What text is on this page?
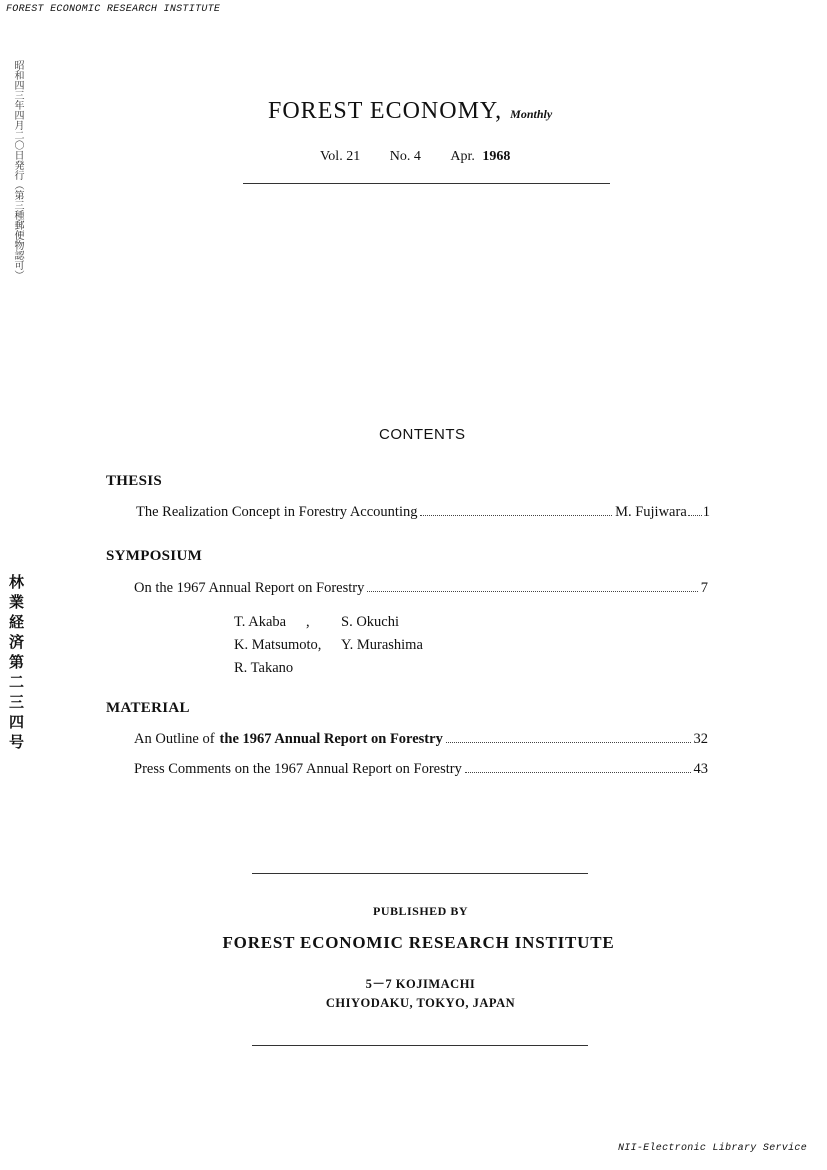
FOREST ECONOMIC RESEARCH INSTITUTE
NII-Electronic Library Service
昭和四三年四月二〇日発行（第三種郵便物認可）
林業経済第二三四号
FOREST ECONOMY, Monthly
Vol. 21 No. 4 Apr. 1968
CONTENTS
THESIS
The Realization Concept in Forestry Accounting	M. Fujiwara 1
SYMPOSIUM
On the 1967 Annual Report on Forestry	7
T. Akaba , S. Okuchi
K. Matsumoto, Y. Murashima
R. Takano
MATERIAL
An Outline of the 1967 Annual Report on Forestry	32
Press Comments on the 1967 Annual Report on Forestry	43
PUBLISHED BY
FOREST ECONOMIC RESEARCH INSTITUTE
5－7 KOJIMACHI
CHIYODAKU, TOKYO, JAPAN
